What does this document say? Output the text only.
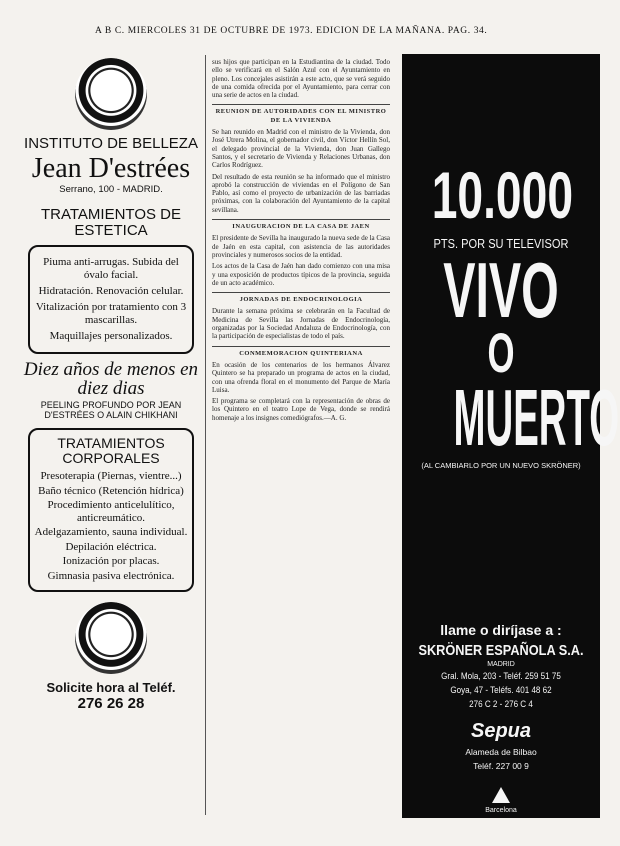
A B C. MIERCOLES 31 DE OCTUBRE DE 1973. EDICION DE LA MAÑANA. PAG. 34.
INSTITUTO DE BELLEZA
Jean D'estrées
Serrano, 100 - MADRID.
TRATAMIENTOS DE ESTETICA
Piuma anti-arrugas. Subida del óvalo facial.
Hidratación. Renovación celular.
Vitalización por tratamiento con 3 mascarillas.
Maquillajes personalizados.
Diez años de menos en diez dias
PEELING PROFUNDO POR JEAN D'ESTRÉES O ALAIN CHIKHANI
TRATAMIENTOS CORPORALES
Presoterapia (Piernas, vientre...)
Baño técnico (Retención hídrica)
Procedimiento anticelulítico, anticreumático.
Adelgazamiento, sauna individual.
Depilación eléctrica.
Ionización por placas.
Gimnasia pasiva electrónica.
Solicite hora al Teléf.
276 26 28

sus hijos que participan en la Estudiantina de la ciudad. Todo ello se verificará en el Salón Azul con el Ayuntamiento en pleno. Los concejales asistirán a este acto, que se verá seguido de una comida ofrecida por el Ayuntamiento, para cerrar con una serie de actos en la ciudad.

REUNION DE AUTORIDADES CON EL MINISTRO DE LA VIVIENDA

Se han reunido en Madrid con el ministro de la Vivienda, don José Utrera Molina, el gobernador civil, don Víctor Hellín Sol, el delegado provincial de la Vivienda, don Juan Gallego Santos, y el secretario de Vivienda y Relaciones Urbanas, don Carlos Rodríguez.

Del resultado de esta reunión se ha informado que el ministro aprobó la construcción de viviendas en el Polígono de San Pablo, así como el proyecto de urbanización de las barriadas próximas, con la colaboración del Ayuntamiento de la capital sevillana.

INAUGURACION DE LA CASA DE JAEN

El presidente de Sevilla ha inaugurado la nueva sede de la Casa de Jaén en esta capital, con asistencia de las autoridades provinciales y numerosos socios de la entidad.

Los actos de la Casa de Jaén han dado comienzo con una misa y una exposición de productos típicos de la provincia, seguida de un acto académico.

JORNADAS DE ENDOCRINOLOGIA

Durante la semana próxima se celebrarán en la Facultad de Medicina de Sevilla las Jornadas de Endocrinología, organizadas por la Sociedad Andaluza de Endocrinología, con la participación de especialistas de todo el país.

CONMEMORACION QUINTERIANA

En ocasión de los centenarios de los hermanos Álvarez Quintero se ha preparado un programa de actos en la ciudad, con una ofrenda floral en el monumento del Parque de María Luisa.

El programa se completará con la representación de obras de los Quintero en el teatro Lope de Vega, donde se rendirá homenaje a los insignes comediógrafos.—A. G.

10.000
PTS. POR SU TELEVISOR
VIVO
O
MUERTO
(AL CAMBIARLO POR UN NUEVO SKRÖNER)
llame o diríjase a :
SKRÖNER ESPAÑOLA S.A.
MADRID
Gral. Mola, 203 - Teléf. 259 51 75
Goya, 47 - Teléfs. 401 48 62
276 C 2 - 276 C 4
Sepua
Alameda de Bilbao
Teléf. 227 00 9
Barcelona
